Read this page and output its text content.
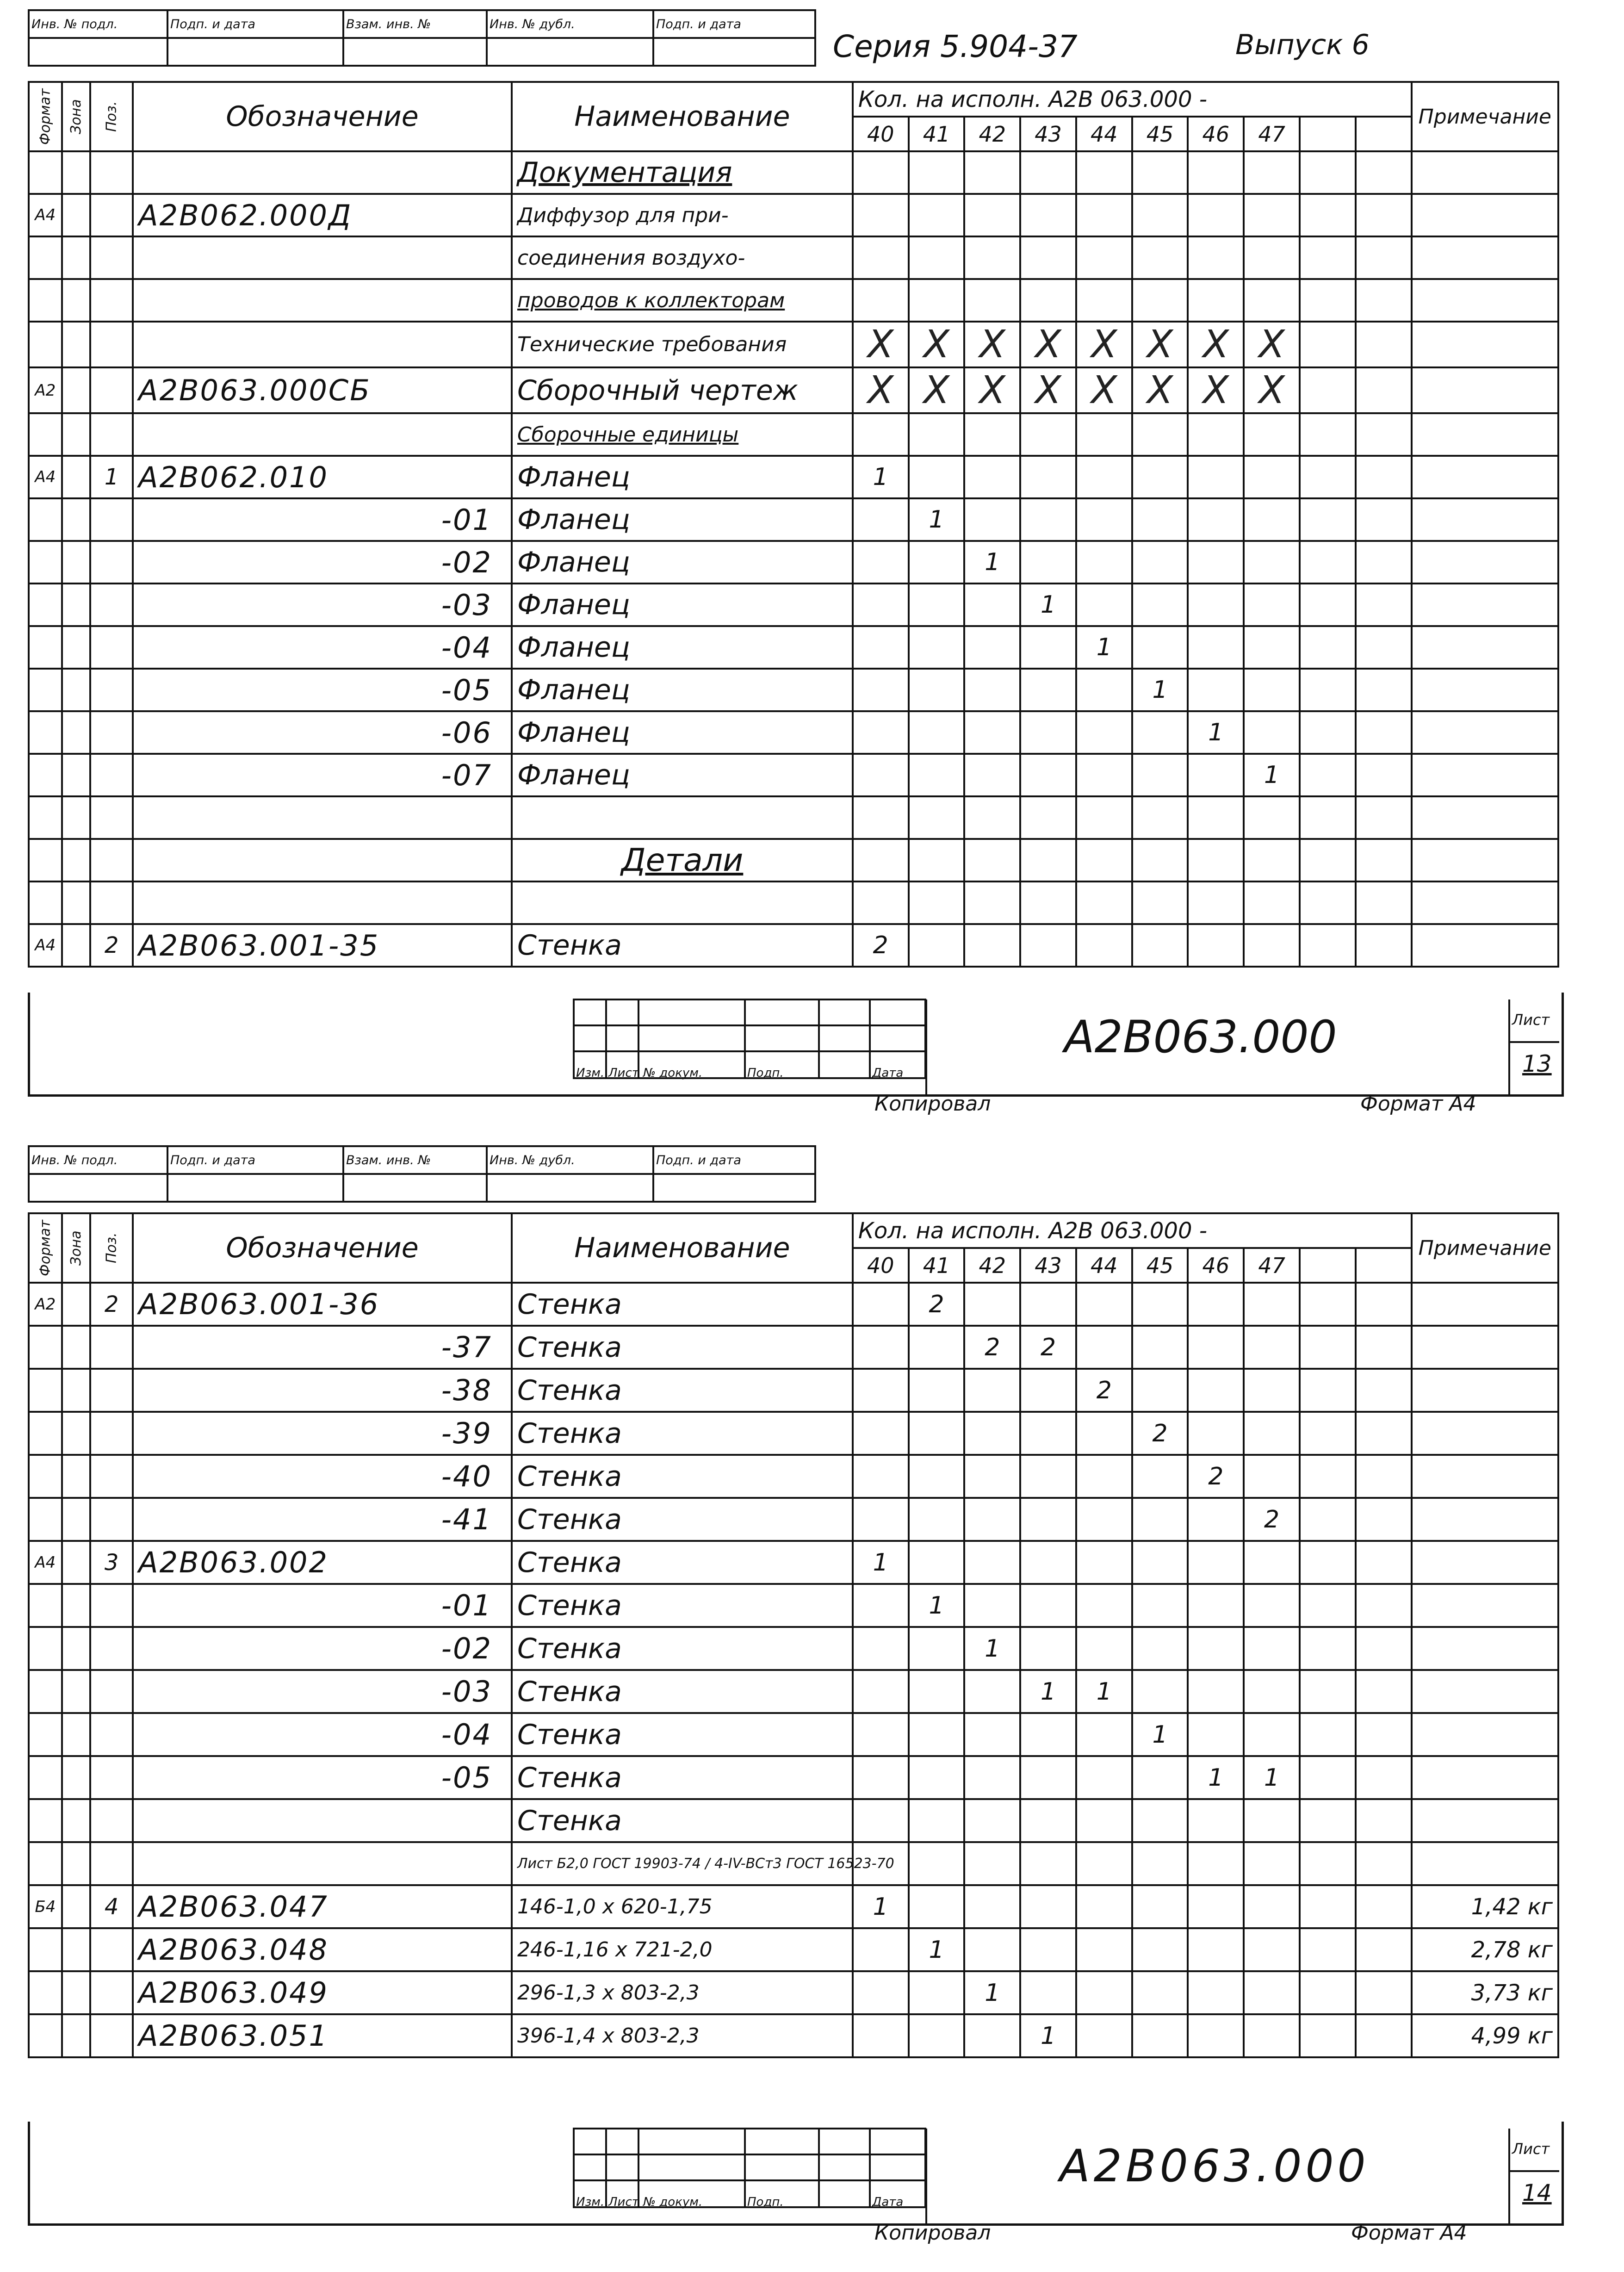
Инв. № подл.	Подп. и дата	Взам. инв. №	Инв. № дубл.	Подп. и дата

Серия 5.904-37	Выпуск 6
Формат	Зона	Поз.	Обозначение	Наименование	Кол. на исполн. А2В 063.000 -										Примечание
					40	41	42	43	44	45	46	47			
				Документация											
А4			А2В062.000Д	Диффузор для при-											
				соединения воздухо-											
				проводов к коллекторам											
				Технические требования	X	X	X	X	X	X	X	X			
А2			А2В063.000СБ	Сборочный чертеж	X	X	X	X	X	X	X	X			
				Сборочные единицы											
А4		1	А2В062.010	Фланец	1										
			-01	Фланец		1									
			-02	Фланец			1								
			-03	Фланец				1							
			-04	Фланец					1						
			-05	Фланец						1					
			-06	Фланец							1				
			-07	Фланец								1			

				Детали											

А4		2	А2В063.001-35	Стенка	2										
Изм. Лист № докум.	Подп.	Дата
А2В063.000	Лист
13
Копировал	Формат А4
Инв. № подл.	Подп. и дата	Взам. инв. №	Инв. № дубл.	Подп. и дата

Формат	Зона	Поз.	Обозначение	Наименование	Кол. на исполн. А2В 063.000 -										Примечание
					40	41	42	43	44	45	46	47			
А2		2	А2В063.001-36	Стенка		2									
			-37	Стенка			2	2							
			-38	Стенка					2						
			-39	Стенка						2					
			-40	Стенка							2				
			-41	Стенка								2			
А4		3	А2В063.002	Стенка	1										
			-01	Стенка		1									
			-02	Стенка			1								
			-03	Стенка				1	1						
			-04	Стенка						1					
			-05	Стенка							1	1			
				Стенка											
				Лист Б2,0 ГОСТ 19903-74 / 4-IV-ВСт3 ГОСТ 16523-70											
Б4		4	А2В063.047	146-1,0 х 620-1,75	1										1,42 кг
			А2В063.048	246-1,16 х 721-2,0		1									2,78 кг
			А2В063.049	296-1,3 х 803-2,3			1								3,73 кг
			А2В063.051	396-1,4 х 803-2,3				1							4,99 кг
Изм. Лист № докум.	Подп.	Дата
А2В063.000	Лист
14
Копировал	Формат А4
